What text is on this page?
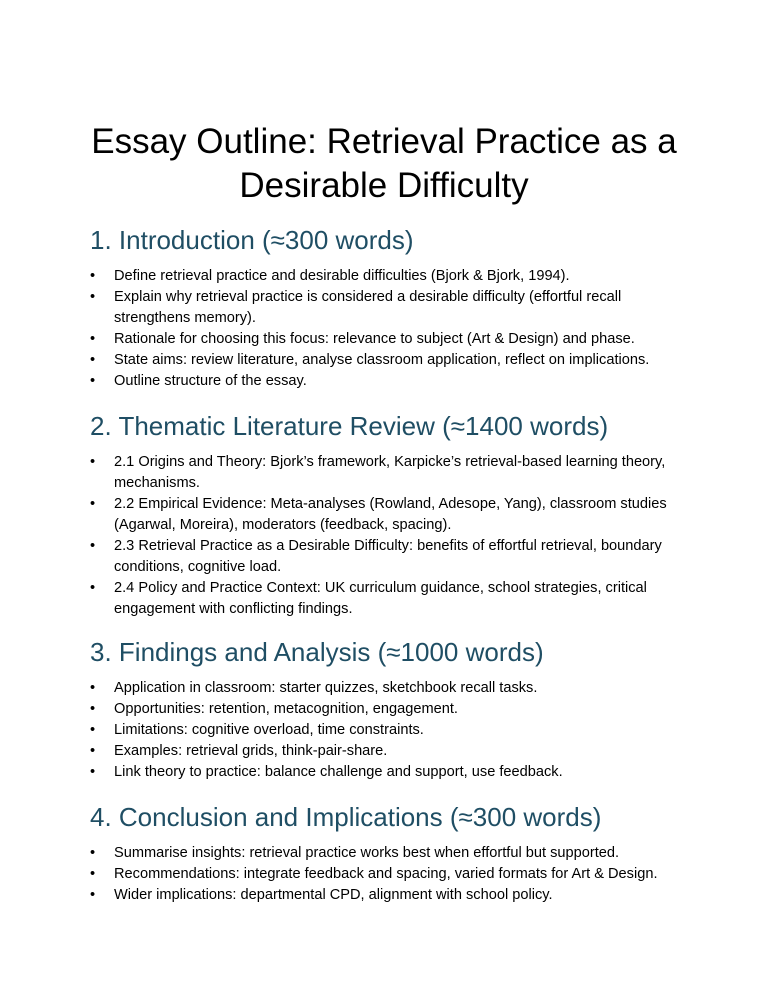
Essay Outline: Retrieval Practice as a
Desirable Difficulty
1. Introduction (≈300 words)
•	Define retrieval practice and desirable difficulties (Bjork & Bjork, 1994).
•	Explain why retrieval practice is considered a desirable difficulty (effortful recall strengthens memory).
•	Rationale for choosing this focus: relevance to subject (Art & Design) and phase.
•	State aims: review literature, analyse classroom application, reflect on implications.
•	Outline structure of the essay.
2. Thematic Literature Review (≈1400 words)
•	2.1 Origins and Theory: Bjork’s framework, Karpicke’s retrieval-based learning theory, mechanisms.
•	2.2 Empirical Evidence: Meta-analyses (Rowland, Adesope, Yang), classroom studies (Agarwal, Moreira), moderators (feedback, spacing).
•	2.3 Retrieval Practice as a Desirable Difficulty: benefits of effortful retrieval, boundary conditions, cognitive load.
•	2.4 Policy and Practice Context: UK curriculum guidance, school strategies, critical engagement with conflicting findings.
3. Findings and Analysis (≈1000 words)
•	Application in classroom: starter quizzes, sketchbook recall tasks.
•	Opportunities: retention, metacognition, engagement.
•	Limitations: cognitive overload, time constraints.
•	Examples: retrieval grids, think-pair-share.
•	Link theory to practice: balance challenge and support, use feedback.
4. Conclusion and Implications (≈300 words)
•	Summarise insights: retrieval practice works best when effortful but supported.
•	Recommendations: integrate feedback and spacing, varied formats for Art & Design.
•	Wider implications: departmental CPD, alignment with school policy.
